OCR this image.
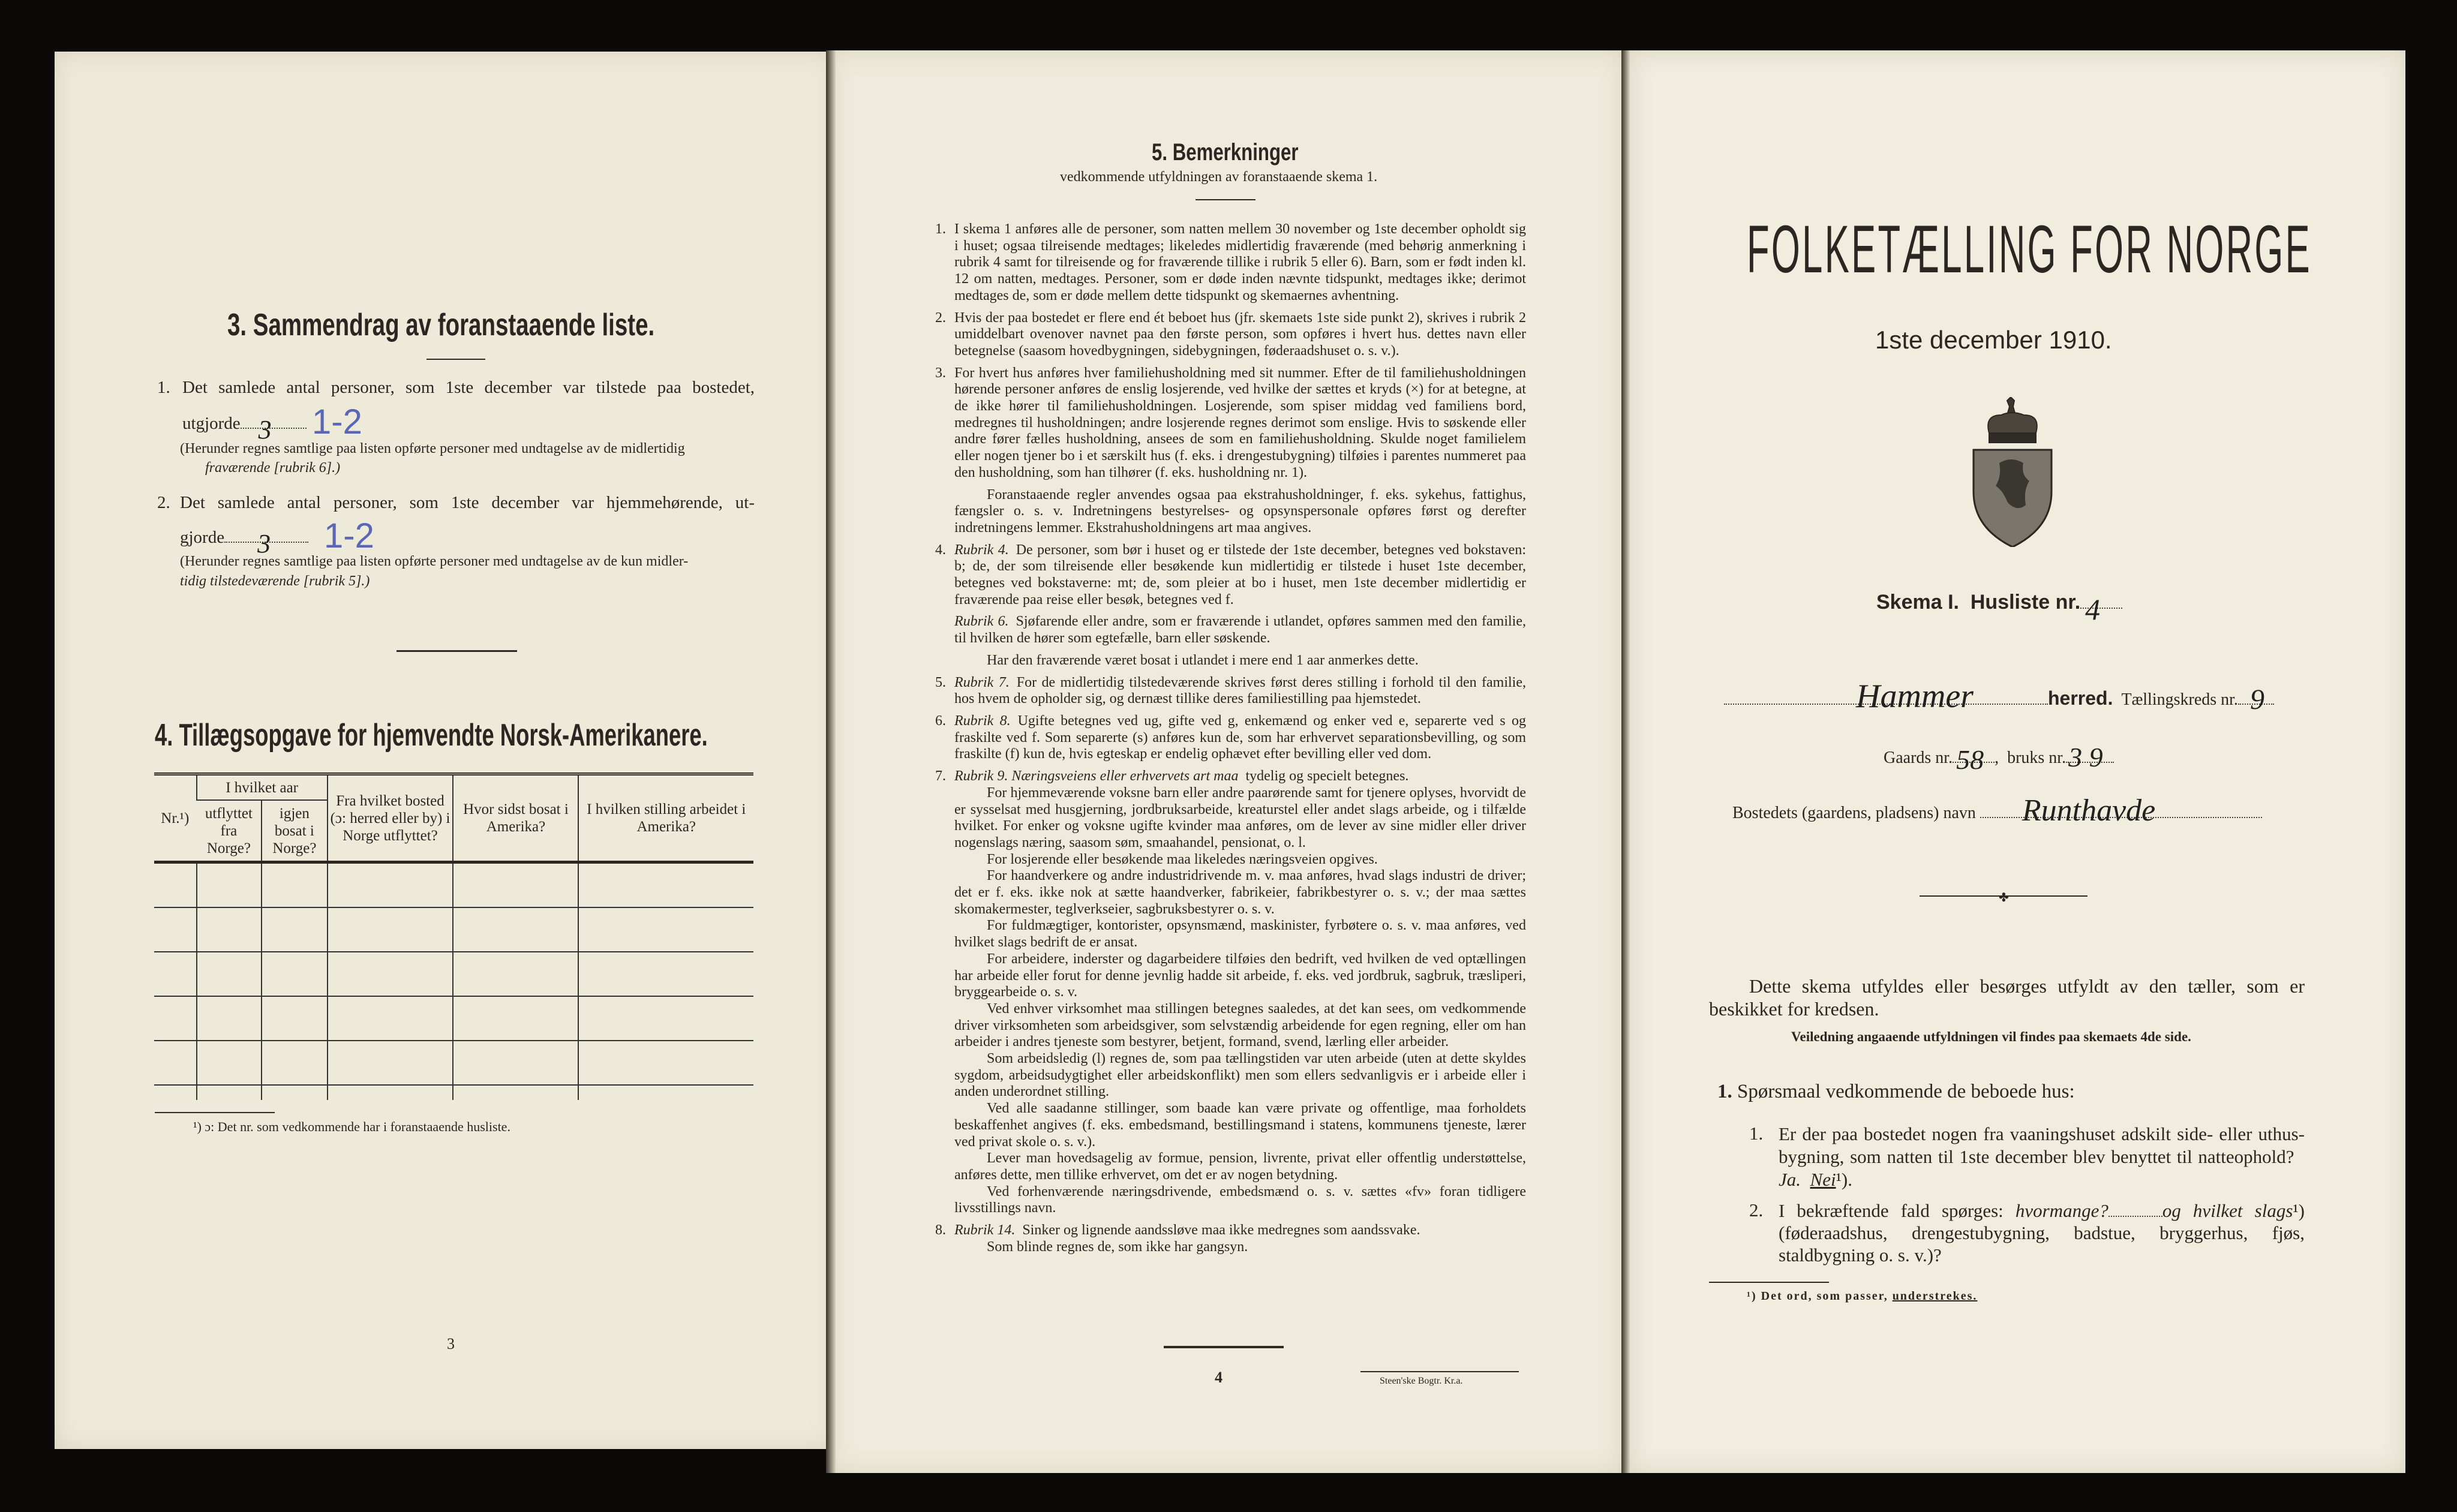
3. Sammendrag av foranstaaende liste.
1. Det samlede antal personer, som 1ste december var tilstede paa bostedet,
utgjorde 3 1-2
(Herunder regnes samtlige paa listen opførte personer med undtagelse av de midlertidig
fraværende [rubrik 6].)
2. Det samlede antal personer, som 1ste december var hjemmehørende, ut-
gjorde 3 1-2
(Herunder regnes samtlige paa listen opførte personer med undtagelse av de kun midler-
tidig tilstedeværende [rubrik 5].)
4. Tillægsopgave for hjemvendte Norsk-Amerikanere.
Nr.¹)	I hvilket aar		Fra hvilket bosted (ɔ: herred eller by) i Norge utflyttet?	Hvor sidst bosat i Amerika?	I hvilken stilling arbeidet i Amerika?
	utflyttet fra Norge?	igjen bosat i Norge?			

¹) ɔ: Det nr. som vedkommende har i foranstaaende husliste.
3
5. Bemerkninger
vedkommende utfyldningen av foranstaaende skema 1.

1. I skema 1 anføres alle de personer, som natten mellem 30 november og 1ste december opholdt sig i huset; ogsaa tilreisende medtages; likeledes midlertidig fraværende (med behørig anmerkning i rubrik 4 samt for tilreisende og for fraværende tillike i rubrik 5 eller 6). Barn, som er født inden kl. 12 om natten, medtages. Personer, som er døde inden nævnte tidspunkt, medtages ikke; derimot medtages de, som er døde mellem dette tidspunkt og skemaernes avhentning.

2. Hvis der paa bostedet er flere end ét beboet hus (jfr. skemaets 1ste side punkt 2), skrives i rubrik 2 umiddelbart ovenover navnet paa den første person, som opføres i hvert hus. dettes navn eller betegnelse (saasom hovedbygningen, sidebygningen, føderaadshuset o. s. v.).

3. For hvert hus anføres hver familiehusholdning med sit nummer. Efter de til familiehusholdningen hørende personer anføres de enslig losjerende, ved hvilke der sættes et kryds (×) for at betegne, at de ikke hører til familiehusholdningen. Losjerende, som spiser middag ved familiens bord, medregnes til husholdningen; andre losjerende regnes derimot som enslige. Hvis to søskende eller andre fører fælles husholdning, ansees de som en familiehusholdning. Skulde noget familielem eller nogen tjener bo i et særskilt hus (f. eks. i drengestubygning) tilføies i parentes nummeret paa den husholdning, som han tilhører (f. eks. husholdning nr. 1).

Foranstaaende regler anvendes ogsaa paa ekstrahusholdninger, f. eks. sykehus, fattighus, fængsler o. s. v. Indretningens bestyrelses- og opsynspersonale opføres først og derefter indretningens lemmer. Ekstrahusholdningens art maa angives.

4. Rubrik 4.  De personer, som bør i huset og er tilstede der 1ste december, betegnes ved bokstaven: b; de, der som tilreisende eller besøkende kun midlertidig er tilstede i huset 1ste december, betegnes ved bokstaverne: mt; de, som pleier at bo i huset, men 1ste december midlertidig er fraværende paa reise eller besøk, betegnes ved f.

Rubrik 6.  Sjøfarende eller andre, som er fraværende i utlandet, opføres sammen med den familie, til hvilken de hører som egtefælle, barn eller søskende.

Har den fraværende været bosat i utlandet i mere end 1 aar anmerkes dette.

5. Rubrik 7.  For de midlertidig tilstedeværende skrives først deres stilling i forhold til den familie, hos hvem de opholder sig, og dernæst tillike deres familiestilling paa hjemstedet.

6. Rubrik 8.  Ugifte betegnes ved ug, gifte ved g, enkemænd og enker ved e, separerte ved s og fraskilte ved f. Som separerte (s) anføres kun de, som har erhvervet separationsbevilling, og som fraskilte (f) kun de, hvis egteskap er endelig ophævet efter bevilling eller ved dom.

7. Rubrik 9. Næringsveiens eller erhvervets art maa  tydelig og specielt betegnes.

For hjemmeværende voksne barn eller andre paarørende samt for tjenere oplyses, hvorvidt de er sysselsat med husgjerning, jordbruksarbeide, kreaturstel eller andet slags arbeide, og i tilfælde hvilket. For enker og voksne ugifte kvinder maa anføres, om de lever av sine midler eller driver nogenslags næring, saasom søm, smaahandel, pensionat, o. l.

For losjerende eller besøkende maa likeledes næringsveien opgives.

For haandverkere og andre industridrivende m. v. maa anføres, hvad slags industri de driver; det er f. eks. ikke nok at sætte haandverker, fabrikeier, fabrikbestyrer o. s. v.; der maa sættes skomakermester, teglverkseier, sagbruksbestyrer o. s. v.

For fuldmægtiger, kontorister, opsynsmænd, maskinister, fyrbøtere o. s. v. maa anføres, ved hvilket slags bedrift de er ansat.

For arbeidere, inderster og dagarbeidere tilføies den bedrift, ved hvilken de ved optællingen har arbeide eller forut for denne jevnlig hadde sit arbeide, f. eks. ved jordbruk, sagbruk, træsliperi, bryggearbeide o. s. v.

Ved enhver virksomhet maa stillingen betegnes saaledes, at det kan sees, om vedkommende driver virksomheten som arbeidsgiver, som selvstændig arbeidende for egen regning, eller om han arbeider i andres tjeneste som bestyrer, betjent, formand, svend, lærling eller arbeider.

Som arbeidsledig (l) regnes de, som paa tællingstiden var uten arbeide (uten at dette skyldes sygdom, arbeidsudygtighet eller arbeidskonflikt) men som ellers sedvanligvis er i arbeide eller i anden underordnet stilling.

Ved alle saadanne stillinger, som baade kan være private og offentlige, maa forholdets beskaffenhet angives (f. eks. embedsmand, bestillingsmand i statens, kommunens tjeneste, lærer ved privat skole o. s. v.).

Lever man hovedsagelig av formue, pension, livrente, privat eller offentlig understøttelse, anføres dette, men tillike erhvervet, om det er av nogen betydning.

Ved forhenværende næringsdrivende, embedsmænd o. s. v. sættes «fv» foran tidligere livsstillings navn.

8. Rubrik 14.  Sinker og lignende aandssløve maa ikke medregnes som aandssvake.

Som blinde regnes de, som ikke har gangsyn.

4	Steen'ske Bogtr. Kr.a.
FOLKETÆLLING FOR NORGE
1ste december 1910.
Skema I.  Husliste nr. 4
Hammer	herred. Tællingskreds nr. 9
Gaards nr. 58 ,  bruks nr. 3 9
Bostedets (gaardens, pladsens) navn Runthavde
✤
Dette skema utfyldes eller besørges utfyldt av den tæller, som er beskikket for kredsen.
Veiledning angaaende utfyldningen vil findes paa skemaets 4de side.
1. Spørsmaal vedkommende de beboede hus:
1. Er der paa bostedet nogen fra vaaningshuset adskilt side- eller uthus-bygning, som natten til 1ste december blev benyttet til natteophold?   Ja. Nei¹).
2. I bekræftende fald spørges: hvormange?	og hvilket slags¹) (føderaadshus, drengestubygning, badstue, bryggerhus, fjøs, staldbygning o. s. v.)?
¹) Det ord, som passer, understrekes.
